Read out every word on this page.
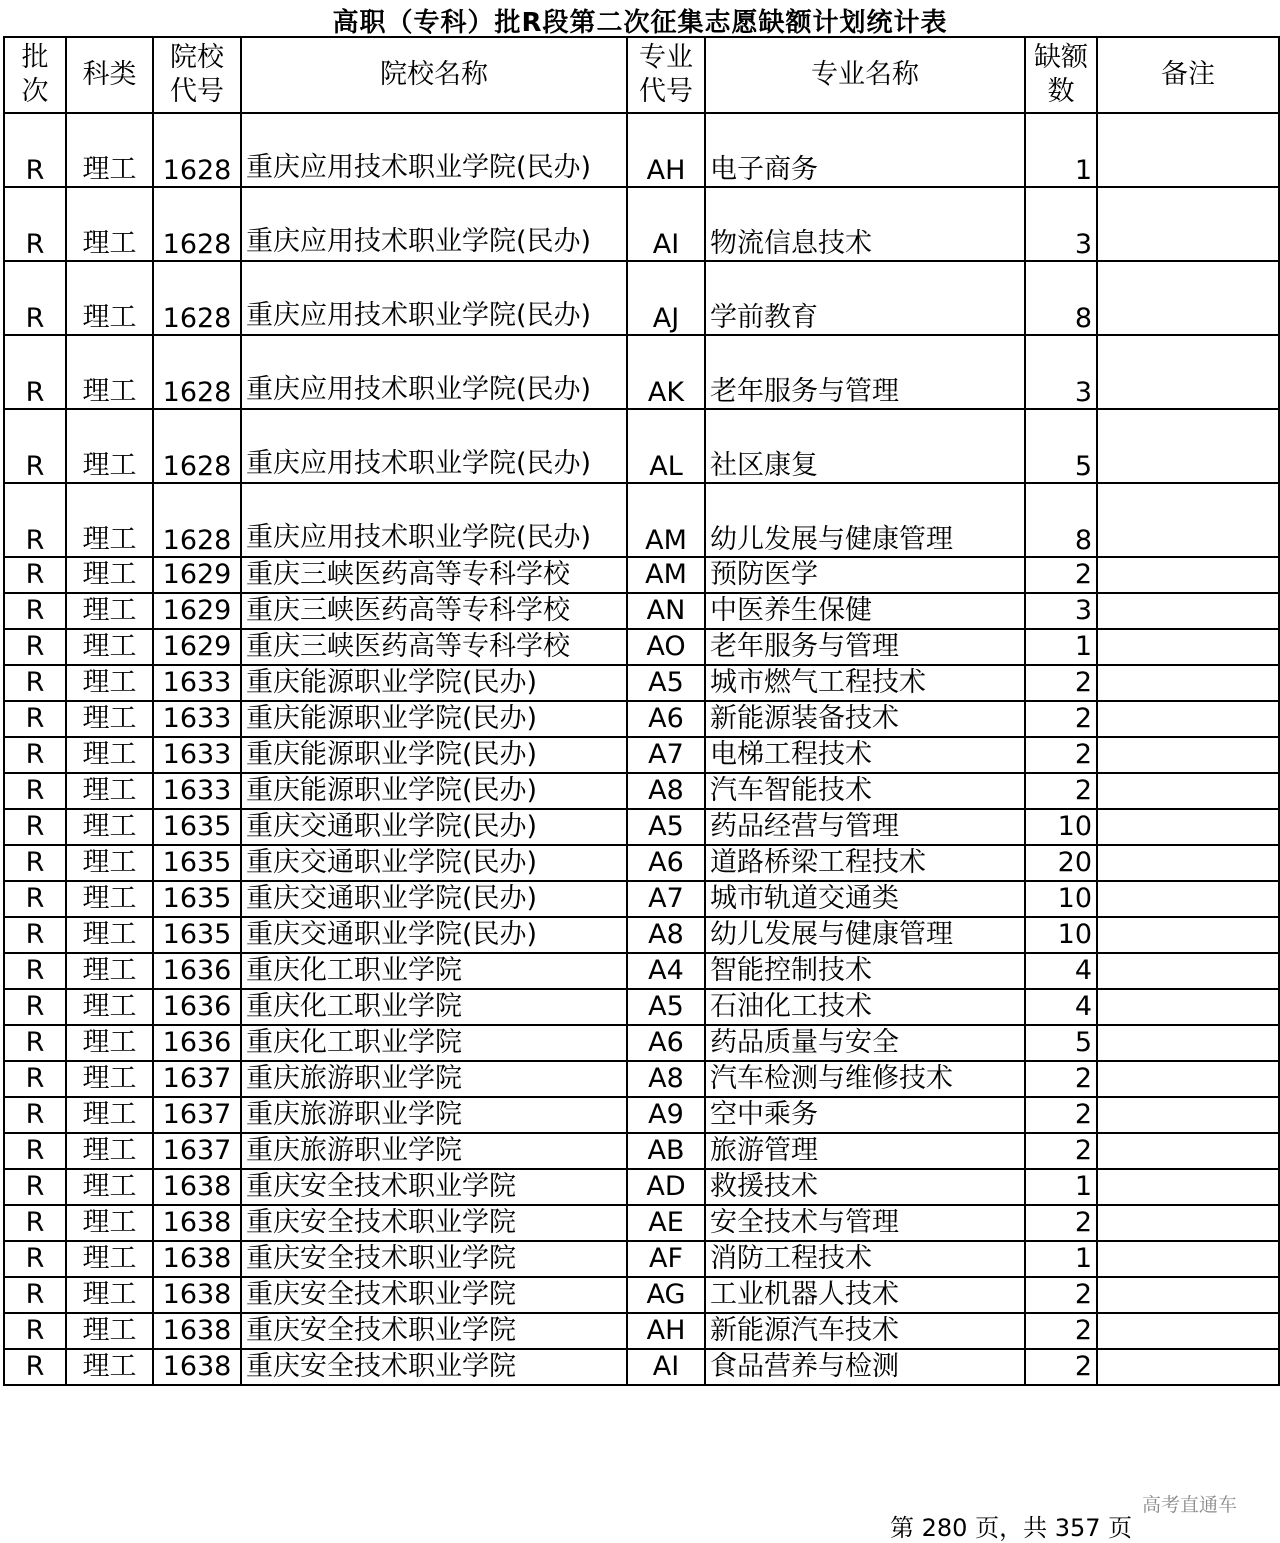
高职（专科）批R段第二次征集志愿缺额计划统计表
批次	科类	院校代号	院校名称	专业代号	专业名称	缺额数	备注
R	理工	1628	重庆应用技术职业学院(民办)	AH	电子商务	1	
R	理工	1628	重庆应用技术职业学院(民办)	AI	物流信息技术	3	
R	理工	1628	重庆应用技术职业学院(民办)	AJ	学前教育	8	
R	理工	1628	重庆应用技术职业学院(民办)	AK	老年服务与管理	3	
R	理工	1628	重庆应用技术职业学院(民办)	AL	社区康复	5	
R	理工	1628	重庆应用技术职业学院(民办)	AM	幼儿发展与健康管理	8	
R	理工	1629	重庆三峡医药高等专科学校	AM	预防医学	2	
R	理工	1629	重庆三峡医药高等专科学校	AN	中医养生保健	3	
R	理工	1629	重庆三峡医药高等专科学校	AO	老年服务与管理	1	
R	理工	1633	重庆能源职业学院(民办)	A5	城市燃气工程技术	2	
R	理工	1633	重庆能源职业学院(民办)	A6	新能源装备技术	2	
R	理工	1633	重庆能源职业学院(民办)	A7	电梯工程技术	2	
R	理工	1633	重庆能源职业学院(民办)	A8	汽车智能技术	2	
R	理工	1635	重庆交通职业学院(民办)	A5	药品经营与管理	10	
R	理工	1635	重庆交通职业学院(民办)	A6	道路桥梁工程技术	20	
R	理工	1635	重庆交通职业学院(民办)	A7	城市轨道交通类	10	
R	理工	1635	重庆交通职业学院(民办)	A8	幼儿发展与健康管理	10	
R	理工	1636	重庆化工职业学院	A4	智能控制技术	4	
R	理工	1636	重庆化工职业学院	A5	石油化工技术	4	
R	理工	1636	重庆化工职业学院	A6	药品质量与安全	5	
R	理工	1637	重庆旅游职业学院	A8	汽车检测与维修技术	2	
R	理工	1637	重庆旅游职业学院	A9	空中乘务	2	
R	理工	1637	重庆旅游职业学院	AB	旅游管理	2	
R	理工	1638	重庆安全技术职业学院	AD	救援技术	1	
R	理工	1638	重庆安全技术职业学院	AE	安全技术与管理	2	
R	理工	1638	重庆安全技术职业学院	AF	消防工程技术	1	
R	理工	1638	重庆安全技术职业学院	AG	工业机器人技术	2	
R	理工	1638	重庆安全技术职业学院	AH	新能源汽车技术	2	
R	理工	1638	重庆安全技术职业学院	AI	食品营养与检测	2	
高考直通车
第 280 页，共 357 页
